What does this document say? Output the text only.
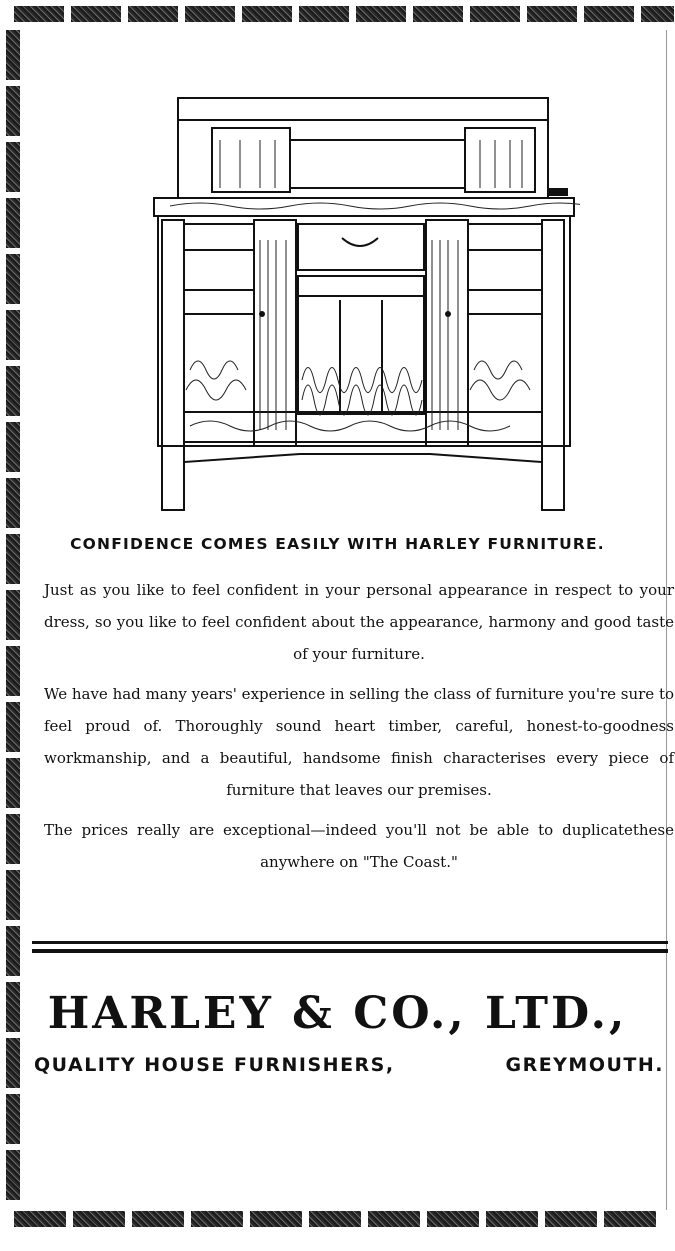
CONFIDENCE COMES EASILY WITH HARLEY FURNITURE.

Just as you like to feel confident in your personal appearance in respect to your dress, so you like to feel confident about the appearance, harmony and good taste of your furniture.

We have had many years' experience in selling the class of furniture you're sure to feel proud of. Thoroughly sound heart timber, careful, honest-to-goodness workmanship, and a beautiful, handsome finish characterises every piece of furniture that leaves our premises.

The prices really are exceptional—indeed you'll not be able to duplicatethese anywhere on "The Coast."

HARLEY & CO., LTD.,
QUALITY HOUSE FURNISHERS,	GREYMOUTH.
